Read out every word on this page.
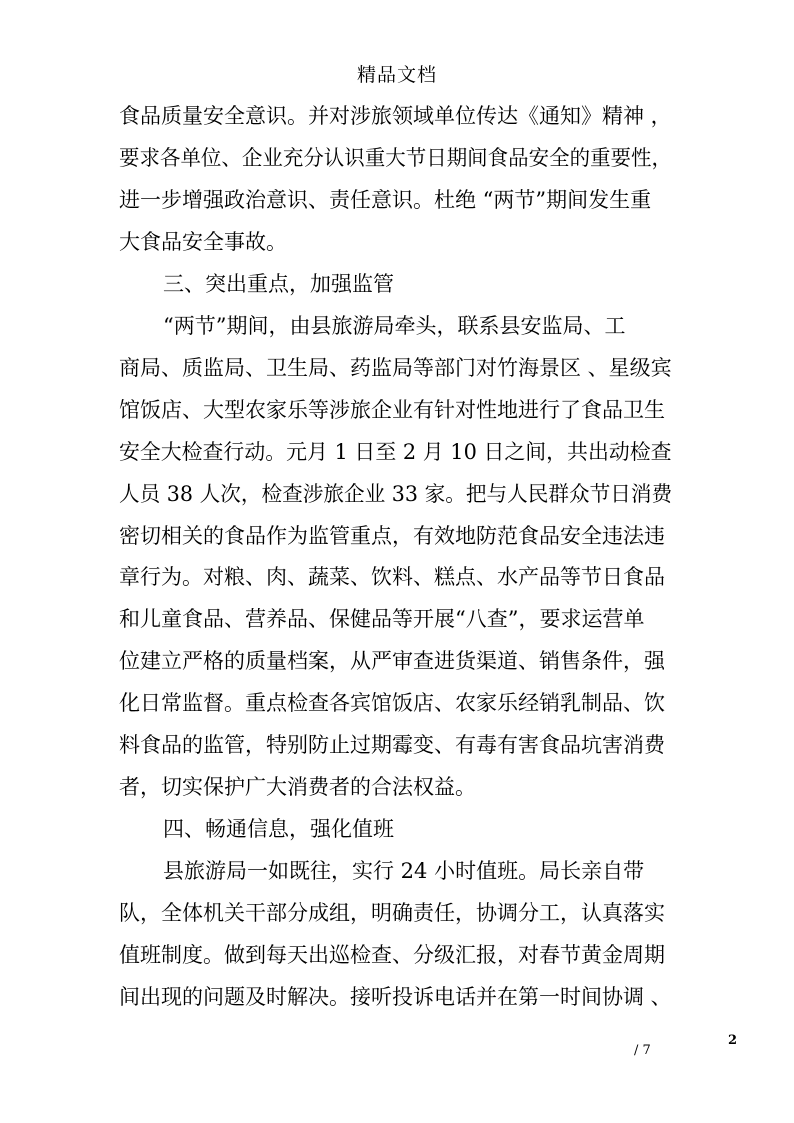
精品文档
食品质量安全意识。并对涉旅领域单位传达《通知》精神 ，
要求各单位、企业充分认识重大节日期间食品安全的重要性，
进一步增强政治意识、责任意识。杜绝 “两节”期间发生重
大食品安全事故。
三、突出重点，加强监管
“两节”期间，由县旅游局牵头，联系县安监局、工
商局、质监局、卫生局、药监局等部门对竹海景区 、星级宾
馆饭店、大型农家乐等涉旅企业有针对性地进行了食品卫生
安全大检查行动。元月 1 日至 2 月 10 日之间，共出动检查
人员 38 人次，检查涉旅企业 33 家。把与人民群众节日消费
密切相关的食品作为监管重点，有效地防范食品安全违法违
章行为。对粮、肉、蔬菜、饮料、糕点、水产品等节日食品
和儿童食品、营养品、保健品等开展“八查”，要求运营单
位建立严格的质量档案，从严审查进货渠道、销售条件，强
化日常监督。重点检查各宾馆饭店、农家乐经销乳制品、饮
料食品的监管，特别防止过期霉变、有毒有害食品坑害消费
者，切实保护广大消费者的合法权益。
四、畅通信息，强化值班
县旅游局一如既往，实行 24 小时值班。局长亲自带
队，全体机关干部分成组，明确责任，协调分工，认真落实
值班制度。做到每天出巡检查、分级汇报，对春节黄金周期
间出现的问题及时解决。接听投诉电话并在第一时间协调 、
2
/ 7
